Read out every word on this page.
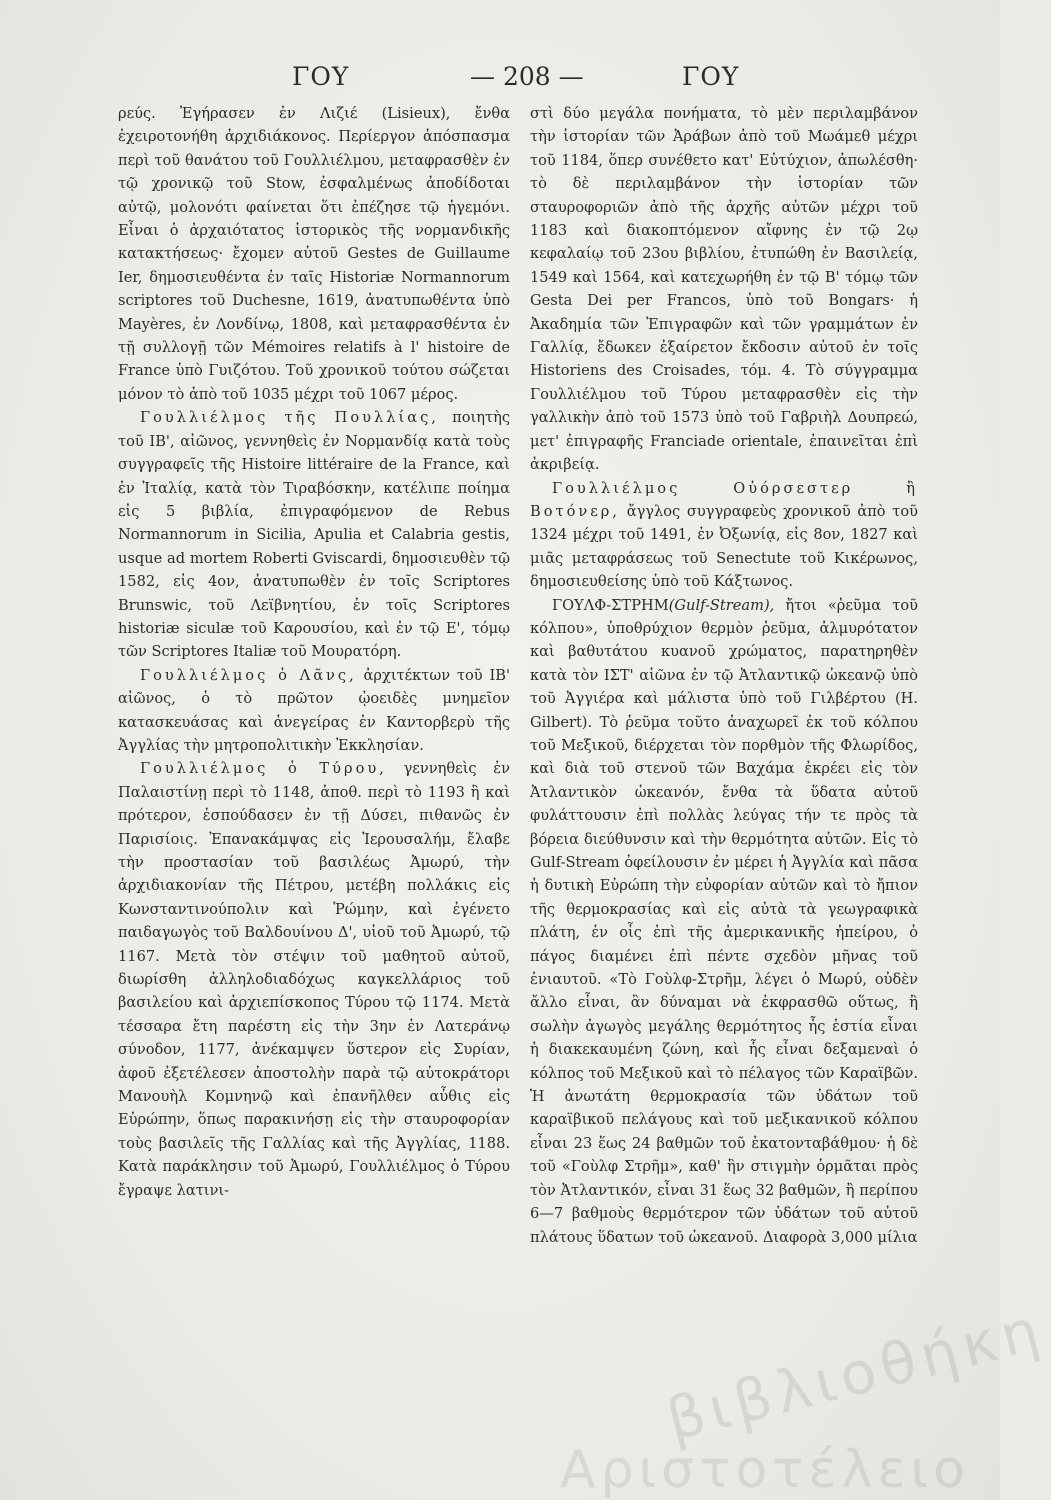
ΓΟΥ	— 208 —	ΓΟΥ

ρεύς. Ἐγήρασεν ἐν Λιζιέ (Lisieux), ἔνθα ἐχειροτονήθη ἀρχιδιάκονος. Περίεργον ἀπόσπασμα περὶ τοῦ θανάτου τοῦ Γουλλιέλμου, μεταφρασθὲν ἐν τῷ χρονικῷ τοῦ Stow, ἐσφαλμένως ἀποδίδοται αὐτῷ, μολονότι φαίνεται ὅτι ἐπέζησε τῷ ἡγεμόνι. Εἶναι ὁ ἀρχαιότατος ἱστορικὸς τῆς νορμανδικῆς κατακτήσεως· ἔχομεν αὐτοῦ Gestes de Guillaume Ier, δημοσιευθέντα ἐν ταῖς Historiæ Normannorum scriptores τοῦ Duchesne, 1619, ἀνατυπωθέντα ὑπὸ Mayères, ἐν Λονδίνῳ, 1808, καὶ μεταφρασθέντα ἐν τῇ συλλογῇ τῶν Mémoires relatifs à l' histoire de France ὑπὸ Γυιζότου. Τοῦ χρονικοῦ τούτου σώζεται μόνον τὸ ἀπὸ τοῦ 1035 μέχρι τοῦ 1067 μέρος.

Γουλλιέλμος τῆς Πουλλίας, ποιητὴς τοῦ ΙΒ', αἰῶνος, γεννηθεὶς ἐν Νορμανδίᾳ κατὰ τοὺς συγγραφεῖς τῆς Histoire littéraire de la France, καὶ ἐν Ἰταλίᾳ, κατὰ τὸν Τιραβόσκην, κατέλιπε ποίημα εἰς 5 βιβλία, ἐπιγραφόμενον de Rebus Normannorum in Sicilia, Apulia et Calabria gestis, usque ad mortem Roberti Gviscardi, δημοσιευθὲν τῷ 1582, εἰς 4ον, ἀνατυπωθὲν ἐν τοῖς Scriptores Brunswic, τοῦ Λεϊβνητίου, ἐν τοῖς Scriptores historiæ siculæ τοῦ Καρουσίου, καὶ ἐν τῷ Ε', τόμῳ τῶν Scriptores Italiæ τοῦ Μουρατόρη.

Γουλλιέλμος ὁ Λᾶνς, ἀρχιτέκτων τοῦ ΙΒ' αἰῶνος, ὁ τὸ πρῶτον ᾠοειδὲς μνημεῖον κατασκευάσας καὶ ἀνεγείρας ἐν Καντορβερὺ τῆς Ἀγγλίας τὴν μητροπολιτικὴν Ἐκκλησίαν.

Γουλλιέλμος ὁ Τύρου, γεννηθεὶς ἐν Παλαιστίνῃ περὶ τὸ 1148, ἀποθ. περὶ τὸ 1193 ἢ καὶ πρότερον, ἐσπούδασεν ἐν τῇ Δύσει, πιθανῶς ἐν Παρισίοις. Ἐπανακάμψας εἰς Ἱερουσαλήμ, ἔλαβε τὴν προστασίαν τοῦ βασιλέως Ἀμωρύ, τὴν ἀρχιδιακονίαν τῆς Πέτρου, μετέβη πολλάκις εἰς Κωνσταντινούπολιν καὶ Ῥώμην, καὶ ἐγένετο παιδαγωγὸς τοῦ Βαλδουίνου Δ', υἱοῦ τοῦ Ἀμωρύ, τῷ 1167. Μετὰ τὸν στέψιν τοῦ μαθητοῦ αὐτοῦ, διωρίσθη ἀλληλοδιαδόχως καγκελλάριος τοῦ βασιλείου καὶ ἀρχιεπίσκοπος Τύρου τῷ 1174. Μετὰ τέσσαρα ἔτη παρέστη εἰς τὴν 3ην ἐν Λατεράνῳ σύνοδον, 1177, ἀνέκαμψεν ὕστερον εἰς Συρίαν, ἀφοῦ ἐξετέλεσεν ἀποστολὴν παρὰ τῷ αὐτοκράτορι Μανουὴλ Κομνηνῷ καὶ ἐπανῆλθεν αὖθις εἰς Εὐρώπην, ὅπως παρακινήσῃ εἰς τὴν σταυροφορίαν τοὺς βασιλεῖς τῆς Γαλλίας καὶ τῆς Ἀγγλίας, 1188. Κατὰ παράκλησιν τοῦ Ἀμωρύ, Γουλλιέλμος ὁ Τύρου ἔγραψε λατινι-

στὶ δύο μεγάλα πονήματα, τὸ μὲν περιλαμβάνον τὴν ἱστορίαν τῶν Ἀράβων ἀπὸ τοῦ Μωάμεθ μέχρι τοῦ 1184, ὅπερ συνέθετο κατ' Εὐτύχιον, ἀπωλέσθη· τὸ δὲ περιλαμβάνον τὴν ἱστορίαν τῶν σταυροφοριῶν ἀπὸ τῆς ἀρχῆς αὐτῶν μέχρι τοῦ 1183 καὶ διακοπτόμενον αἴφνης ἐν τῷ 2ῳ κεφαλαίῳ τοῦ 23ου βιβλίου, ἐτυπώθη ἐν Βασιλείᾳ, 1549 καὶ 1564, καὶ κατεχωρήθη ἐν τῷ Β' τόμῳ τῶν Gesta Dei per Francos, ὑπὸ τοῦ Bongars· ἡ Ἀκαδημία τῶν Ἐπιγραφῶν καὶ τῶν γραμμάτων ἐν Γαλλίᾳ, ἔδωκεν ἐξαίρετον ἔκδοσιν αὐτοῦ ἐν τοῖς Historiens des Croisades, τόμ. 4. Τὸ σύγγραμμα Γουλλιέλμου τοῦ Τύρου μεταφρασθὲν εἰς τὴν γαλλικὴν ἀπὸ τοῦ 1573 ὑπὸ τοῦ Γαβριὴλ Δουπρεώ, μετ' ἐπιγραφῆς Franciade orientale, ἐπαινεῖται ἐπὶ ἀκριβείᾳ.

Γουλλιέλμος Οὐόρσεστερ ἢ Βοτόνερ, ἄγγλος συγγραφεὺς χρονικοῦ ἀπὸ τοῦ 1324 μέχρι τοῦ 1491, ἐν Ὀξωνίᾳ, εἰς 8ον, 1827 καὶ μιᾶς μεταφράσεως τοῦ Senectute τοῦ Κικέρωνος, δημοσιευθείσης ὑπὸ τοῦ Κάξτωνος.

ΓΟΥΛΦ-ΣΤΡΗΜ(Gulf-Stream), ἤτοι «ῥεῦμα τοῦ κόλπου», ὑποθρύχιον θερμὸν ῥεῦμα, ἀλμυρότατον καὶ βαθυτάτου κυανοῦ χρώματος, παρατηρηθὲν κατὰ τὸν ΙΣΤ' αἰῶνα ἐν τῷ Ἀτλαντικῷ ὠκεανῷ ὑπὸ τοῦ Ἀγγιέρα καὶ μάλιστα ὑπὸ τοῦ Γιλβέρτου (H. Gilbert). Τὸ ῥεῦμα τοῦτο ἀναχωρεῖ ἐκ τοῦ κόλπου τοῦ Μεξικοῦ, διέρχεται τὸν πορθμὸν τῆς Φλωρίδος, καὶ διὰ τοῦ στενοῦ τῶν Βαχάμα ἐκρέει εἰς τὸν Ἀτλαντικὸν ὠκεανόν, ἔνθα τὰ ὕδατα αὐτοῦ φυλάττουσιν ἐπὶ πολλὰς λεύγας τήν τε πρὸς τὰ βόρεια διεύθυνσιν καὶ τὴν θερμότητα αὐτῶν. Εἰς τὸ Gulf-Stream ὀφείλουσιν ἐν μέρει ἡ Ἀγγλία καὶ πᾶσα ἡ δυτικὴ Εὐρώπη τὴν εὐφορίαν αὐτῶν καὶ τὸ ἤπιον τῆς θερμοκρασίας καὶ εἰς αὐτὰ τὰ γεωγραφικὰ πλάτη, ἐν οἷς ἐπὶ τῆς ἀμερικανικῆς ἠπείρου, ὁ πάγος διαμένει ἐπὶ πέντε σχεδὸν μῆνας τοῦ ἐνιαυτοῦ. «Τὸ Γοὺλφ-Στρῆμ, λέγει ὁ Μωρύ, οὐδὲν ἄλλο εἶναι, ἂν δύναμαι νὰ ἐκφρασθῶ οὕτως, ἢ σωλὴν ἀγωγὸς μεγάλης θερμότητος ἧς ἑστία εἶναι ἡ διακεκαυμένη ζώνη, καὶ ἧς εἶναι δεξαμεναὶ ὁ κόλπος τοῦ Μεξικοῦ καὶ τὸ πέλαγος τῶν Καραϊβῶν. Ἡ ἀνωτάτη θερμοκρασία τῶν ὑδάτων τοῦ καραϊβικοῦ πελάγους καὶ τοῦ μεξικανικοῦ κόλπου εἶναι 23 ἕως 24 βαθμῶν τοῦ ἑκατονταβάθμου· ἡ δὲ τοῦ «Γοὺλφ Στρῆμ», καθ' ἣν στιγμὴν ὁρμᾶται πρὸς τὸν Ἀτλαντικόν, εἶναι 31 ἕως 32 βαθμῶν, ἢ περίπου 6—7 βαθμοὺς θερμότερον τῶν ὑδάτων τοῦ αὐτοῦ πλάτους ὕδατων τοῦ ὠκεανοῦ. Διαφορὰ 3,000 μίλια

βιβλιοθήκη
Αριστοτέλειο
